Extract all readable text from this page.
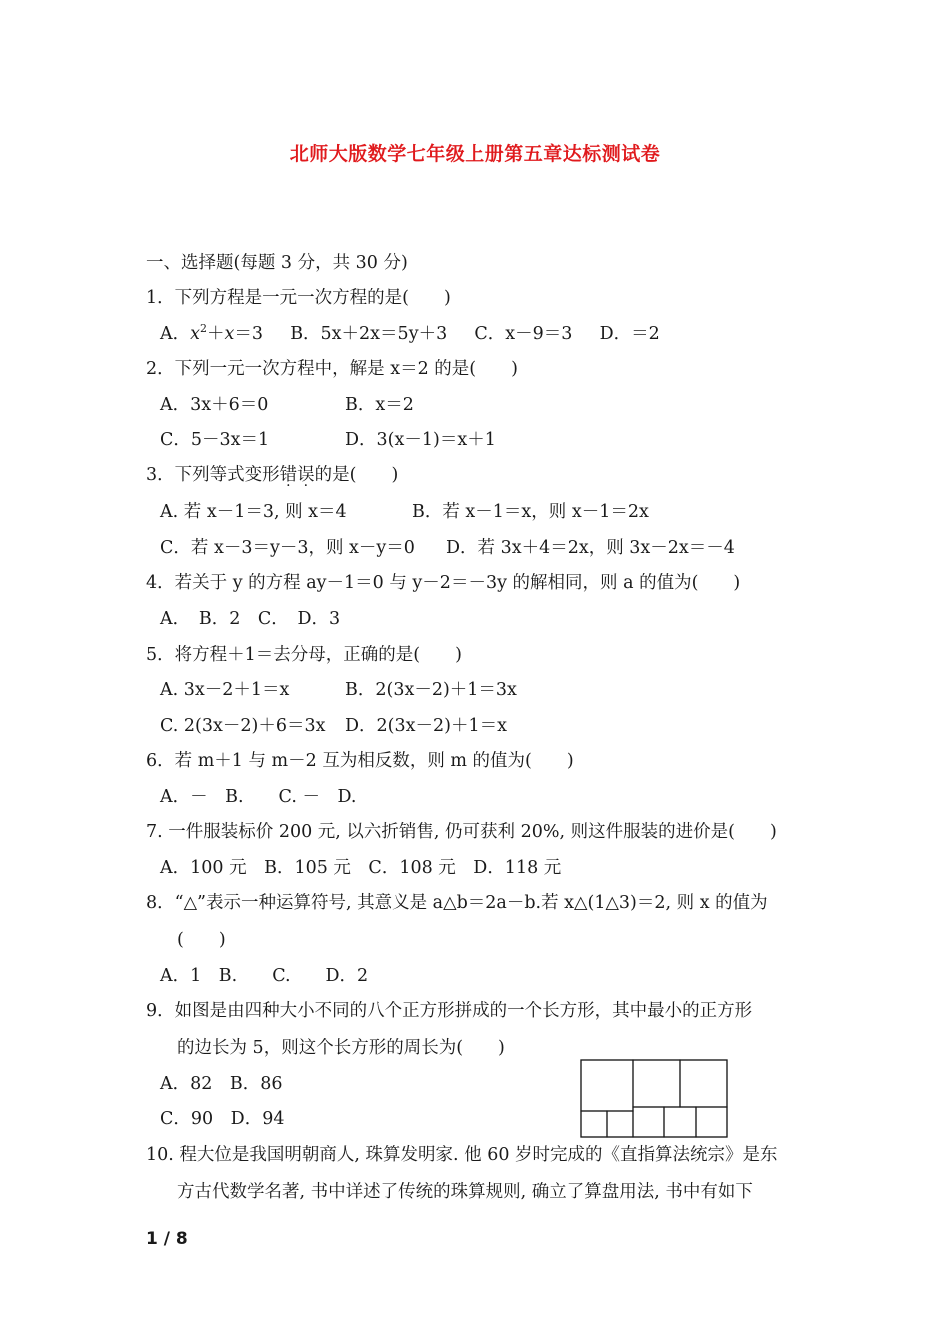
北师大版数学七年级上册第五章达标测试卷
一、选择题(每题 3 分，共 30 分)
1．下列方程是一元一次方程的是(　　)
A．$x^2+x=3$ B．5x＋2x＝5y＋3 C．x－9＝3 D．＝2
2．下列一元一次方程中，解是 x＝2 的是(　　)
A．3x＋6＝0	B．x＝2
C．5－3x＝1	D．3(x－1)＝x＋1
3．下列等式变形错误的是(　　)
A. 若 x－1＝3, 则 x＝4	B．若 x－1＝x，则 x－1＝2x
C．若 x－3＝y－3，则 x－y＝0 D．若 3x＋4＝2x，则 3x－2x＝－4
4．若关于 y 的方程 ay－1＝0 与 y－2＝－3y 的解相同，则 a 的值为(　　)
A．　B．2　C．　D．3
5．将方程＋1＝去分母，正确的是(　　)
A. 3x－2＋1＝x	B．2(3x－2)＋1＝3x
C. 2(3x－2)＋6＝3x D．2(3x－2)＋1＝x
6．若 m＋1 与 m－2 互为相反数，则 m 的值为(　　)
A．－　B.　　C. －　D.
7. 一件服装标价 200 元, 以六折销售, 仍可获利 20%, 则这件服装的进价是(　　)
A．100 元　B．105 元　C．108 元　D．118 元
8．“△”表示一种运算符号, 其意义是 a△b＝2a－b.若 x△(1△3)＝2, 则 x 的值为
(　　)
A．1　B.　　C.　　D．2
9．如图是由四种大小不同的八个正方形拼成的一个长方形，其中最小的正方形
的边长为 5，则这个长方形的周长为(　　)
A．82　B．86
C．90　D．94
10. 程大位是我国明朝商人, 珠算发明家. 他 60 岁时完成的《直指算法统宗》是东
方古代数学名著, 书中详述了传统的珠算规则, 确立了算盘用法, 书中有如下
1 / 8
